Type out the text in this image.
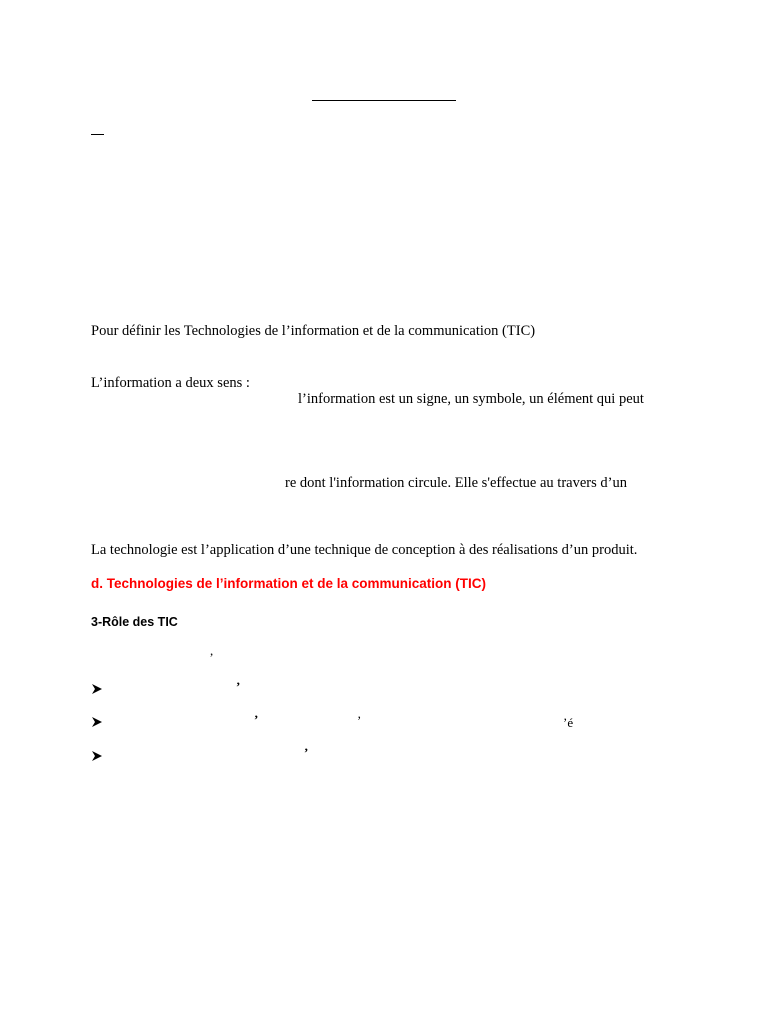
Pour définir les Technologies de l’information et de la communication (TIC)
L’information a deux sens :
l’information est un signe, un symbole, un élément qui peut
re dont l'information circule. Elle s'effectue au travers d’un
La technologie est l’application d’une technique de conception à des réalisations d’un produit.
d. Technologies de l’information et de la communication (TIC)
3-Rôle des TIC
,
’
’	’	’é
’
